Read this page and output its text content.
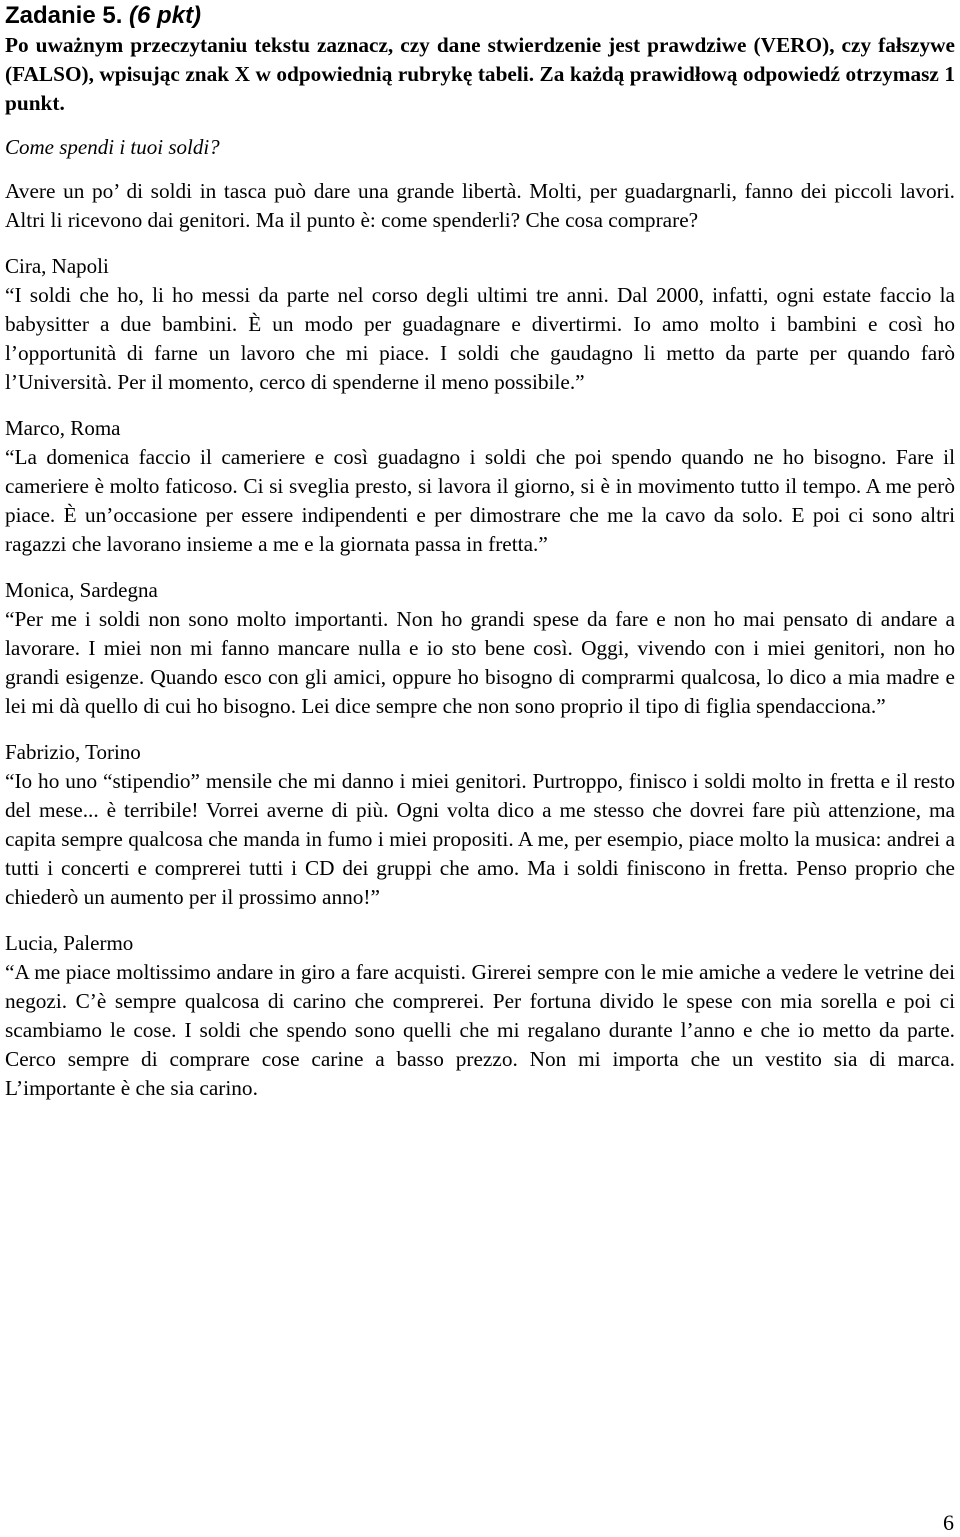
Zadanie 5. (6 pkt)

Po uważnym przeczytaniu tekstu zaznacz, czy dane stwierdzenie jest prawdziwe (VERO), czy fałszywe (FALSO), wpisując znak X w odpowiednią rubrykę tabeli. Za każdą prawidłową odpowiedź otrzymasz 1 punkt.

Come spendi i tuoi soldi?

Avere un po’ di soldi in tasca può dare una grande libertà. Molti, per guadargnarli, fanno dei piccoli lavori. Altri li ricevono dai genitori. Ma il punto è: come spenderli? Che cosa comprare?

Cira, Napoli

“I soldi che ho, li ho messi da parte nel corso degli ultimi tre anni. Dal 2000, infatti, ogni estate faccio la babysitter a due bambini. È un modo per guadagnare e divertirmi. Io amo molto i bambini e così ho l’opportunità di farne un lavoro che mi piace. I soldi che gaudagno li metto da parte per quando farò l’Università. Per il momento, cerco di spenderne il meno possibile.”

Marco, Roma

“La domenica faccio il cameriere e così guadagno i soldi che poi spendo quando ne ho bisogno. Fare il cameriere è molto faticoso. Ci si sveglia presto, si lavora il giorno, si è in movimento tutto il tempo. A me però piace. È un’occasione per essere indipendenti e per dimostrare che me la cavo da solo. E poi ci sono altri ragazzi che lavorano insieme a me e la giornata passa in fretta.”

Monica, Sardegna

“Per me i soldi non sono molto importanti. Non ho grandi spese da fare e non ho mai pensato di andare a lavorare. I miei non mi fanno mancare nulla e io sto bene così. Oggi, vivendo con i miei genitori, non ho grandi esigenze. Quando esco con gli amici, oppure ho bisogno di comprarmi qualcosa, lo dico a mia madre e lei mi dà quello di cui ho bisogno. Lei dice sempre che non sono proprio il tipo di figlia spendacciona.”

Fabrizio, Torino

“Io ho uno “stipendio” mensile che mi danno i miei genitori. Purtroppo, finisco i soldi molto in fretta e il resto del mese... è terribile! Vorrei averne di più. Ogni volta dico a me stesso che dovrei fare più attenzione, ma capita sempre qualcosa che manda in fumo i miei propositi. A me, per esempio, piace molto la musica: andrei a tutti i concerti e comprerei tutti i CD dei gruppi che amo. Ma i soldi finiscono in fretta. Penso proprio che chiederò un aumento per il prossimo anno!”

Lucia, Palermo

“A me piace moltissimo andare in giro a fare acquisti. Girerei sempre con le mie amiche a vedere le vetrine dei negozi. C’è sempre qualcosa di carino che comprerei. Per fortuna divido le spese con mia sorella e poi ci scambiamo le cose. I soldi che spendo sono quelli che mi regalano durante l’anno e che io metto da parte. Cerco sempre di comprare cose carine a basso prezzo. Non mi importa che un vestito sia di marca. L’importante è che sia carino.

6
